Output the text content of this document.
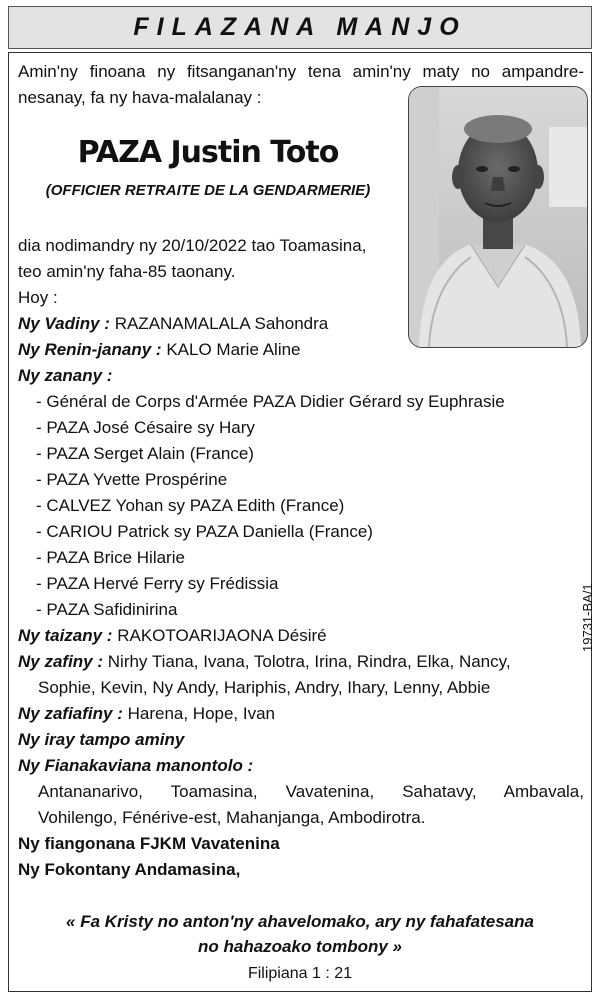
FILAZANA MANJO

Amin'ny finoana ny fitsanganan'ny tena amin'ny maty no ampandre-nesanay, fa ny hava-malalanay :

PAZA Justin Toto

(OFFICIER RETRAITE DE LA GENDARMERIE)

dia nodimandry ny 20/10/2022 tao Toamasina,
teo amin'ny faha-85 taonany.
Hoy :
Ny Vadiny : RAZANAMALALA Sahondra
Ny Renin-janany : KALO Marie Aline
Ny zanany :
- Général de Corps d'Armée PAZA Didier Gérard sy Euphrasie
- PAZA José Césaire sy Hary
- PAZA Serget Alain (France)
- PAZA Yvette Prospérine
- CALVEZ Yohan sy PAZA Edith (France)
- CARIOU Patrick sy PAZA Daniella (France)
- PAZA Brice Hilarie
- PAZA Hervé Ferry sy Frédissia
- PAZA Safidinirina
Ny taizany : RAKOTOARIJAONA Désiré
Ny zafiny : Nirhy Tiana, Ivana, Tolotra, Irina, Rindra, Elka, Nancy,
Sophie, Kevin, Ny Andy, Hariphis, Andry, Ihary, Lenny, Abbie
Ny zafiafiny : Harena, Hope, Ivan
Ny iray tampo aminy
Ny Fianakaviana manontolo :
Antananarivo, Toamasina, Vavatenina, Sahatavy, Ambavala,
Vohilengo, Fénérive-est, Mahanjanga, Ambodirotra.
Ny fiangonana FJKM Vavatenina
Ny Fokontany Andamasina,
19731-BA/1
« Fa Kristy no anton'ny ahavelomako, ary ny fahafatesana
no hahazoako tombony »
Filipiana 1 : 21
